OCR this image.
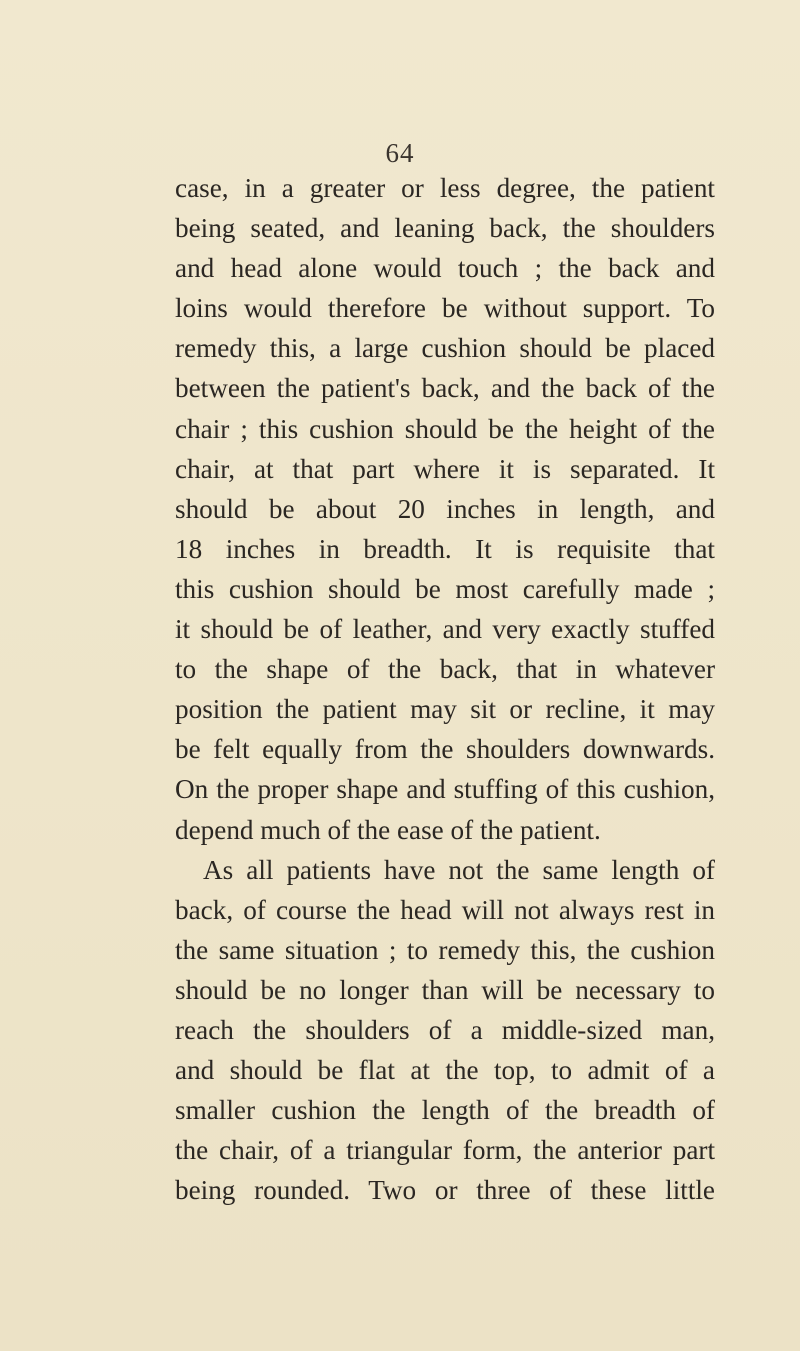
64
case, in a greater or less degree, the patient
being seated, and leaning back, the shoulders
and head alone would touch ; the back and
loins would therefore be without support. To
remedy this, a large cushion should be placed
between the patient's back, and the back of the
chair ; this cushion should be the height of the
chair, at that part where it is separated. It
should be about 20 inches in length, and
18 inches in breadth. It is requisite that
this cushion should be most carefully made ;
it should be of leather, and very exactly stuffed
to the shape of the back, that in whatever
position the patient may sit or recline, it may
be felt equally from the shoulders downwards.
On the proper shape and stuffing of this cushion,
depend much of the ease of the patient.
As all patients have not the same length of
back, of course the head will not always rest in
the same situation ; to remedy this, the cushion
should be no longer than will be necessary to
reach the shoulders of a middle-sized man,
and should be flat at the top, to admit of a
smaller cushion the length of the breadth of
the chair, of a triangular form, the anterior part
being rounded. Two or three of these little
